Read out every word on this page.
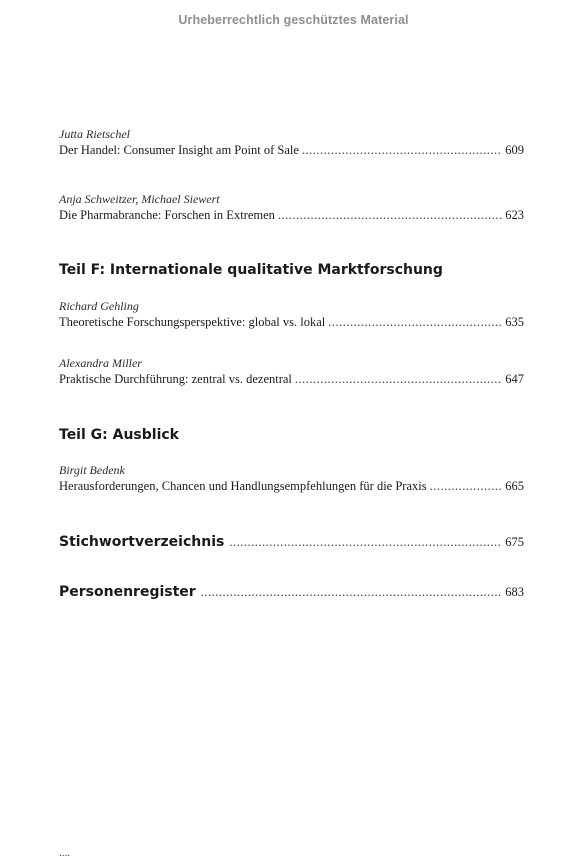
Urheberrechtlich geschütztes Material
Jutta Rietschel
Der Handel: Consumer Insight am Point of Sale .....	609
Anja Schweitzer, Michael Siewert
Die Pharmabranche: Forschen in Extremen .....	623
Teil F: Internationale qualitative Marktforschung
Richard Gehling
Theoretische Forschungsperspektive: global vs. lokal .....	635
Alexandra Miller
Praktische Durchführung: zentral vs. dezentral .....	647
Teil G: Ausblick
Birgit Bedenk
Herausforderungen, Chancen und Handlungsempfehlungen für die Praxis .....	665
Stichwortverzeichnis .....	675
Personenregister .....	683
....
